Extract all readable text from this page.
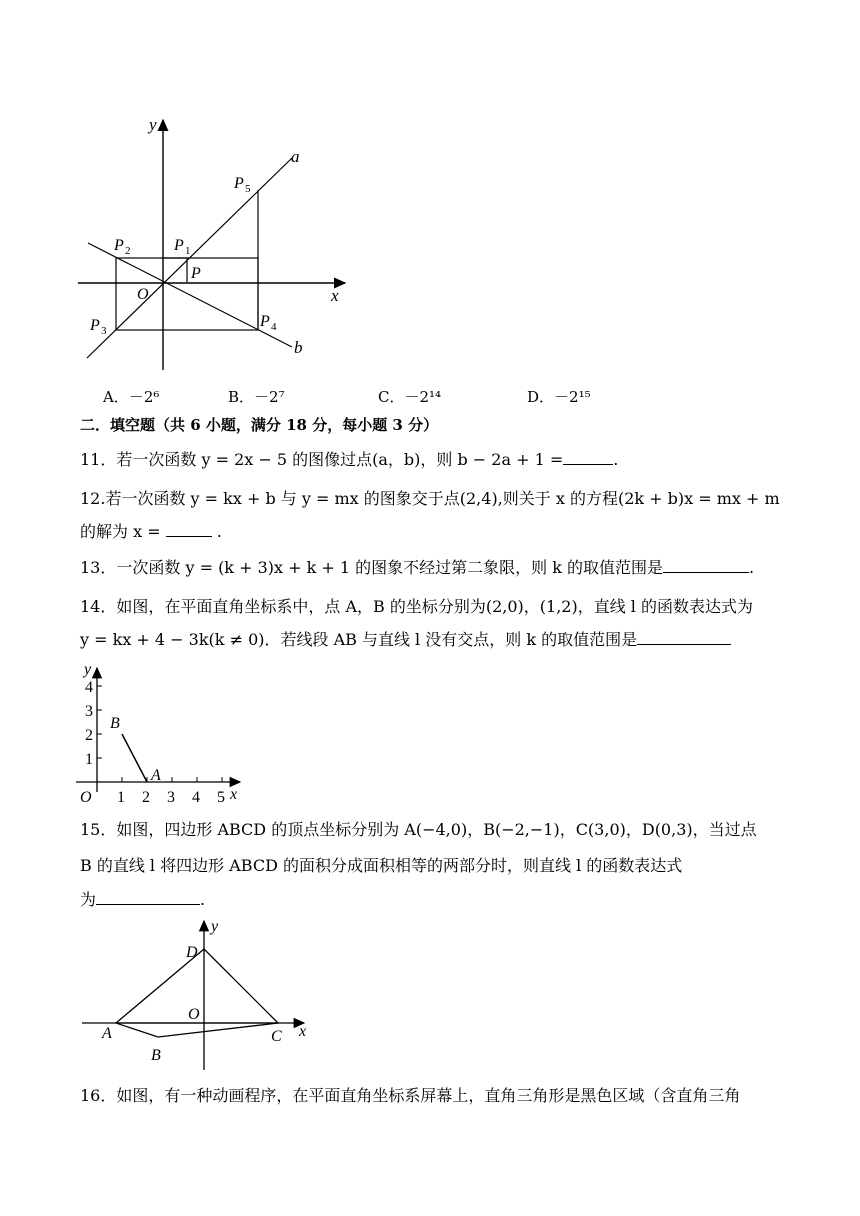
y
x
O
a
b
P
P 1
P 2
P 3
P 4
P 5
A．－2⁶	B．－2⁷	C．－2¹⁴	D．－2¹⁵
二．填空题（共 6 小题，满分 18 分，每小题 3 分）
11．若一次函数 y = 2x − 5 的图像过点(a，b)，则 b − 2a + 1 =	.
12.若一次函数 y = kx + b 与 y = mx 的图象交于点(2,4),则关于 x 的方程(2k + b)x = mx + m
的解为 x =	.
13．一次函数 y = (k + 3)x + k + 1 的图象不经过第二象限，则 k 的取值范围是	.
14．如图，在平面直角坐标系中，点 A，B 的坐标分别为(2,0)，(1,2)，直线 l 的函数表达式为
y = kx + 4 − 3k(k ≠ 0)．若线段 AB 与直线 l 没有交点，则 k 的取值范围是
y
x
O
B
A
1 2 3 4 5
1
2
3
4
15．如图，四边形 ABCD 的顶点坐标分别为 A(−4,0)，B(−2,−1)，C(3,0)，D(0,3)，当过点
B 的直线 l 将四边形 ABCD 的面积分成面积相等的两部分时，则直线 l 的函数表达式
为	.
y
x
O
D
A
B
C
16．如图，有一种动画程序，在平面直角坐标系屏幕上，直角三角形是黑色区域（含直角三角
